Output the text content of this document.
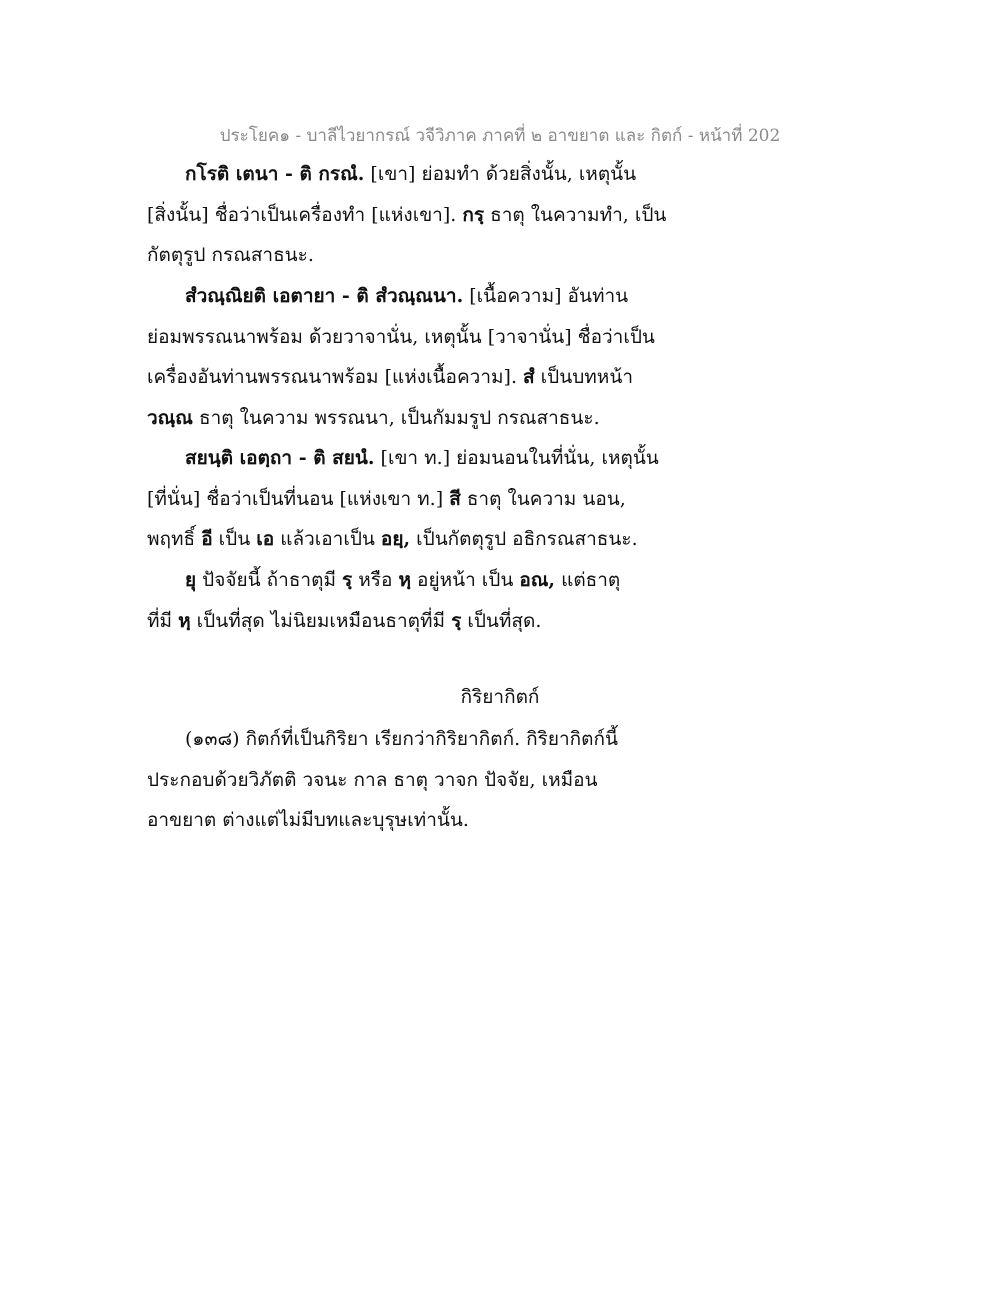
ประโยค๑ - บาลีไวยากรณ์ วจีวิภาค ภาคที่ ๒ อาขยาต และ กิตก์ - หน้าที่ 202
กโรติ เตนา - ติ กรณํ. [เขา] ย่อมทำ ด้วยสิ่งนั้น, เหตุนั้น
[สิ่งนั้น] ชื่อว่าเป็นเครื่องทำ [แห่งเขา]. กรฺ ธาตุ ในความทำ, เป็น
กัตตุรูป กรณสาธนะ.
สํวณฺณิยติ เอตายา - ติ สํวณฺณนา. [เนื้อความ] อันท่าน
ย่อมพรรณนาพร้อม ด้วยวาจานั่น, เหตุนั้น [วาจานั่น] ชื่อว่าเป็น
เครื่องอันท่านพรรณนาพร้อม [แห่งเนื้อความ]. สํ เป็นบทหน้า
วณฺณ ธาตุ ในความ พรรณนา, เป็นกัมมรูป กรณสาธนะ.
สยนฺติ เอตฺถา - ติ สยนํ. [เขา ท.] ย่อมนอนในที่นั่น, เหตุนั้น
[ที่นั่น] ชื่อว่าเป็นที่นอน [แห่งเขา ท.] สี ธาตุ ในความ นอน,
พฤทธิ์ อี เป็น เอ แล้วเอาเป็น อยฺ, เป็นกัตตุรูป อธิกรณสาธนะ.
ยุ ปัจจัยนี้ ถ้าธาตุมี รฺ หรือ หฺ อยู่หน้า เป็น อณ, แต่ธาตุ
ที่มี หฺ เป็นที่สุด ไม่นิยมเหมือนธาตุที่มี รฺ เป็นที่สุด.
กิริยากิตก์
(๑๓๘) กิตก์ที่เป็นกิริยา เรียกว่ากิริยากิตก์. กิริยากิตก์นี้
ประกอบด้วยวิภัตติ วจนะ กาล ธาตุ วาจก ปัจจัย, เหมือน
อาขยาต ต่างแต่ไม่มีบทและบุรุษเท่านั้น.
